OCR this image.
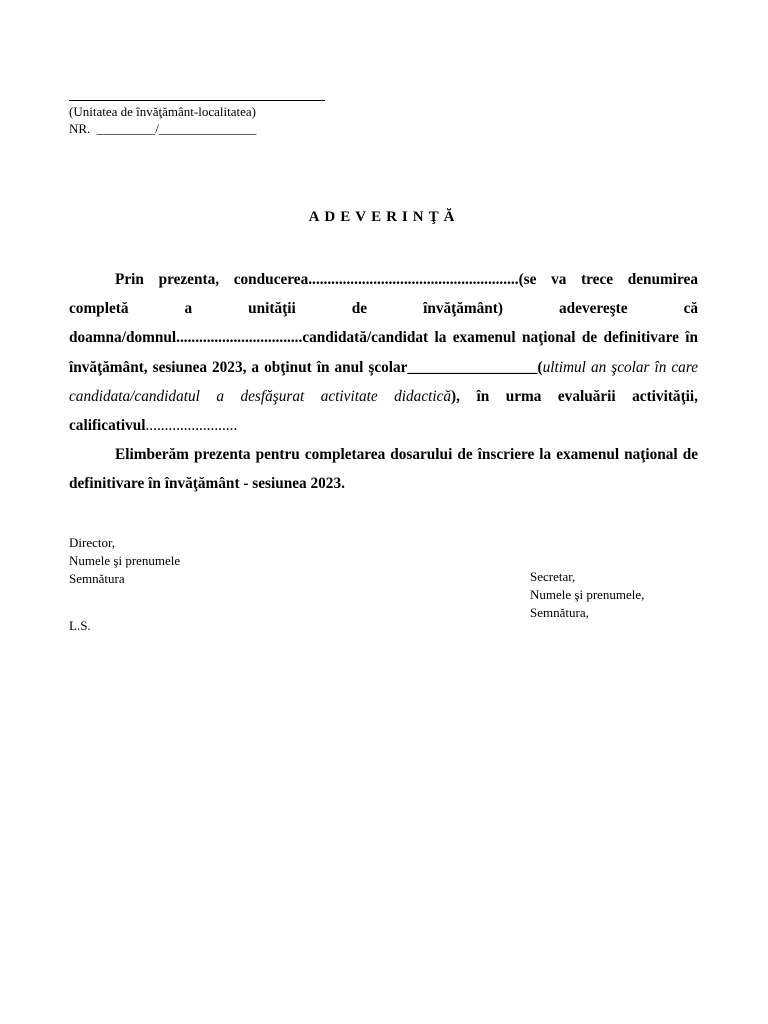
(Unitatea de învăţământ-localitatea)
NR.  _________/_______________
ADEVERINŢĂ

Prin prezenta, conducerea.......................................................(se va trece denumirea completă a unităţii de învăţământ) adevereşte că doamna/domnul.................................candidată/candidat la examenul naţional de definitivare în învăţământ, sesiunea 2023, a obţinut în anul şcolar_________________(ultimul an şcolar în care candidata/candidatul a desfăşurat activitate didactică), în urma evaluării activităţii, calificativul........................

Elimberăm prezenta pentru completarea dosarului de înscriere la examenul naţional de definitivare în învăţământ - sesiunea 2023.

Director,
Numele şi prenumele
Semnătura	Secretar,
Numele şi prenumele,
Semnătura,
L.S.
